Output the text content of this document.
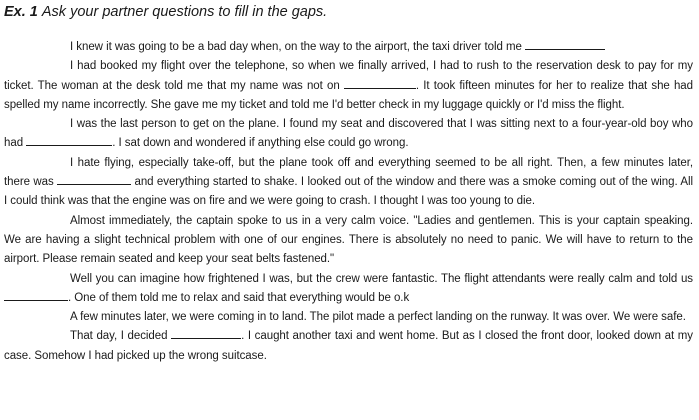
Ex. 1 Ask your partner questions to fill in the gaps.

I knew it was going to be a bad day when, on the way to the airport, the taxi driver told me

I had booked my flight over the telephone, so when we finally arrived, I had to rush to the reservation desk to pay for my ticket. The woman at the desk told me that my name was not on	. It took fifteen minutes for her to realize that she had spelled my name incorrectly. She gave me my ticket and told me I'd better check in my luggage quickly or I'd miss the flight.

I was the last person to get on the plane. I found my seat and discovered that I was sitting next to a four-year-old boy who had	. I sat down and wondered if anything else could go wrong.

I hate flying, especially take-off, but the plane took off and everything seemed to be all right. Then, a few minutes later, there was	and everything started to shake. I looked out of the window and there was a smoke coming out of the wing. All I could think was that the engine was on fire and we were going to crash. I thought I was too young to die.

Almost immediately, the captain spoke to us in a very calm voice. "Ladies and gentlemen. This is your captain speaking. We are having a slight technical problem with one of our engines. There is absolutely no need to panic. We will have to return to the airport. Please remain seated and keep your seat belts fastened."

Well you can imagine how frightened I was, but the crew were fantastic. The flight attendants were really calm and told us . One of them told me to relax and said that everything would be o.k

A few minutes later, we were coming in to land. The pilot made a perfect landing on the runway. It was over. We were safe.

That day, I decided	. I caught another taxi and went home. But as I closed the front door, looked down at my case. Somehow I had picked up the wrong suitcase.
